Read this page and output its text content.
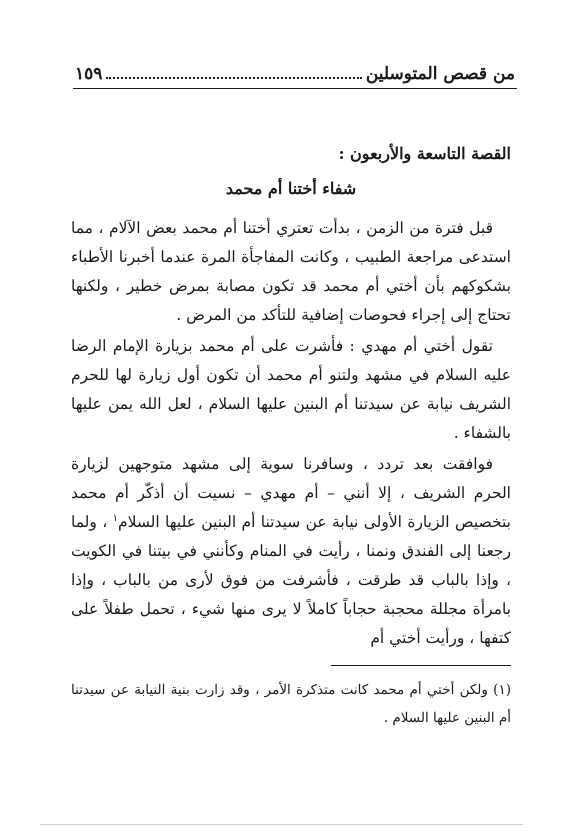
من قصص المتوسلين
١٥٩

القصة التاسعة والأربعون :

شفاء أختنا أم محمد

قبل فترة من الزمن ، بدأت تعتري أختنا أم محمد بعض الآلام ، مما استدعى مراجعة الطبيب ، وكانت المفاجأة المرة عندما أخبرنا الأطباء بشكوكهم بأن أختي أم محمد قد تكون مصابة بمرض خطير ، ولكنها تحتاج إلى إجراء فحوصات إضافية للتأكد من المرض .

تقول أختي أم مهدي : فأشرت على أم محمد بزيارة الإمام الرضا عليه السلام في مشهد ولتنو أم محمد أن تكون أول زيارة لها للحرم الشريف نيابة عن سيدتنا أم البنين عليها السلام ، لعل الله يمن عليها بالشفاء .

فوافقت بعد تردد ، وسافرنا سوية إلى مشهد متوجهين لزيارة الحرم الشريف ، إلا أنني – أم مهدي – نسيت أن أذكّر أم محمد بتخصيص الزيارة الأولى نيابة عن سيدتنا أم البنين عليها السلام$^١$ ، ولما رجعنا إلى الفندق ونمنا ، رأيت في المنام وكأنني في بيتنا في الكويت ، وإذا بالباب قد طرقت ، فأشرفت من فوق لأرى من بالباب ، وإذا بامرأة مجللة محجبة حجاباً كاملاً لا يرى منها شيء ، تحمل طفلاً على كتفها ، ورأيت أختي أم

(١) ولكن أختي أم محمد كانت متذكرة الأمر ، وقد زارت بنية النيابة عن سيدتنا أم البنين عليها السلام .
